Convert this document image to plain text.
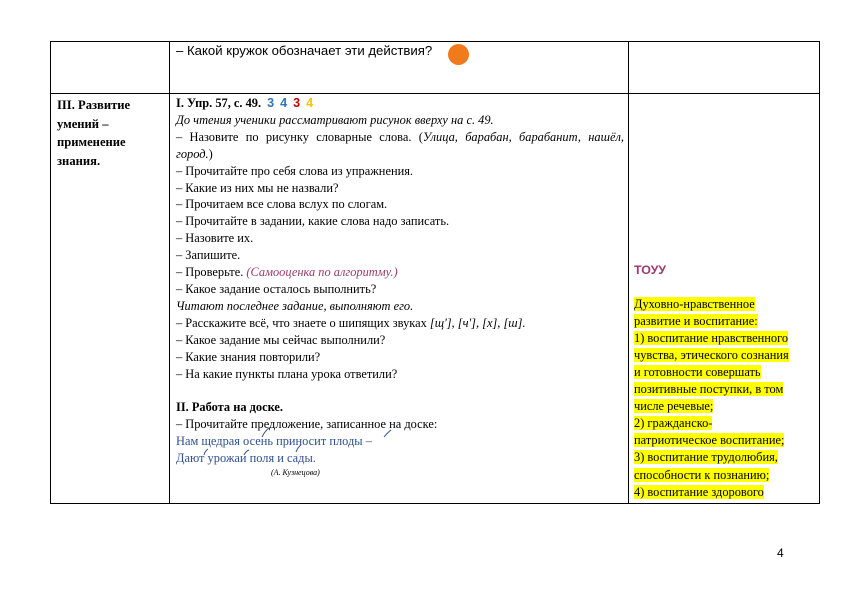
– Какой кружок обозначает эти действия?
III. Развитие умений – применение знания.
I. Упр. 57, с. 49. 3 4 3 4
До чтения ученики рассматривают рисунок вверху на с. 49.
– Назовите по рисунку словарные слова. (Улица, барабан, барабанит, нашёл, город.)
– Прочитайте про себя слова из упражнения.
– Какие из них мы не назвали?
– Прочитаем все слова вслух по слогам.
– Прочитайте в задании, какие слова надо записать.
– Назовите их.
– Запишите.
– Проверьте. (Самооценка по алгоритму.)
– Какое задание осталось выполнить?
Читают последнее задание, выполняют его.
– Расскажите всё, что знаете о шипящих звуках [щ'], [ч'], [х], [ш].
– Какое задание мы сейчас выполнили?
– Какие знания повторили?
– На какие пункты плана урока ответили?

II. Работа на доске.
– Прочитайте предложение, записанное на доске:
Нам щедрая осень приносит плоды –
Дают урожаи поля и сады.
(А. Кузнецова)
ТОУУ
Духовно-нравственное
развитие и воспитание:
1) воспитание нравственного
чувства, этического сознания
и готовности совершать
позитивные поступки, в том
числе речевые;
2) гражданско-
патриотическое воспитание;
3) воспитание трудолюбия,
способности к познанию;
4) воспитание здорового
4
